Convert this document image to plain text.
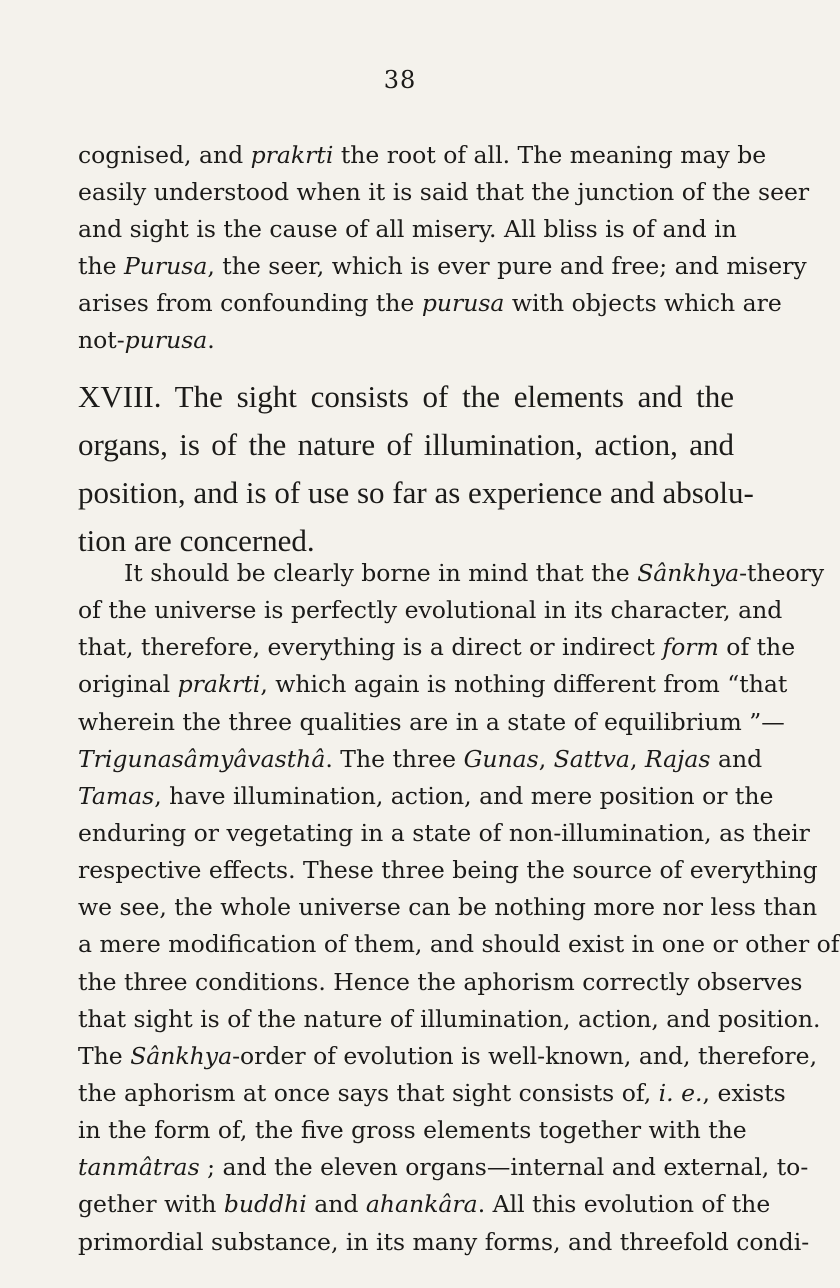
38
cognised, and prakrti the root of all. The meaning may be
easily understood when it is said that the junction of the seer
and sight is the cause of all misery. All bliss is of and in
the Purusa, the seer, which is ever pure and free; and misery
arises from confounding the purusa with objects which are
not-purusa.
XVIII. The sight consists of the elements and the
organs, is of the nature of illumination, action, and
position, and is of use so far as experience and absolu-
tion are concerned.
It should be clearly borne in mind that the Sânkhya-theory
of the universe is perfectly evolutional in its character, and
that, therefore, everything is a direct or indirect form of the
original prakrti, which again is nothing different from “that
wherein the three qualities are in a state of equilibrium ”—
Trigunasâmyâvasthâ. The three Gunas, Sattva, Rajas and
Tamas, have illumination, action, and mere position or the
enduring or vegetating in a state of non-illumination, as their
respective effects. These three being the source of everything
we see, the whole universe can be nothing more nor less than
a mere modification of them, and should exist in one or other of
the three conditions. Hence the aphorism correctly observes
that sight is of the nature of illumination, action, and position.
The Sânkhya-order of evolution is well-known, and, therefore,
the aphorism at once says that sight consists of, i. e., exists
in the form of, the five gross elements together with the
tanmâtras ; and the eleven organs—internal and external, to-
gether with buddhi and ahankâra. All this evolution of the
primordial substance, in its many forms, and threefold condi-
